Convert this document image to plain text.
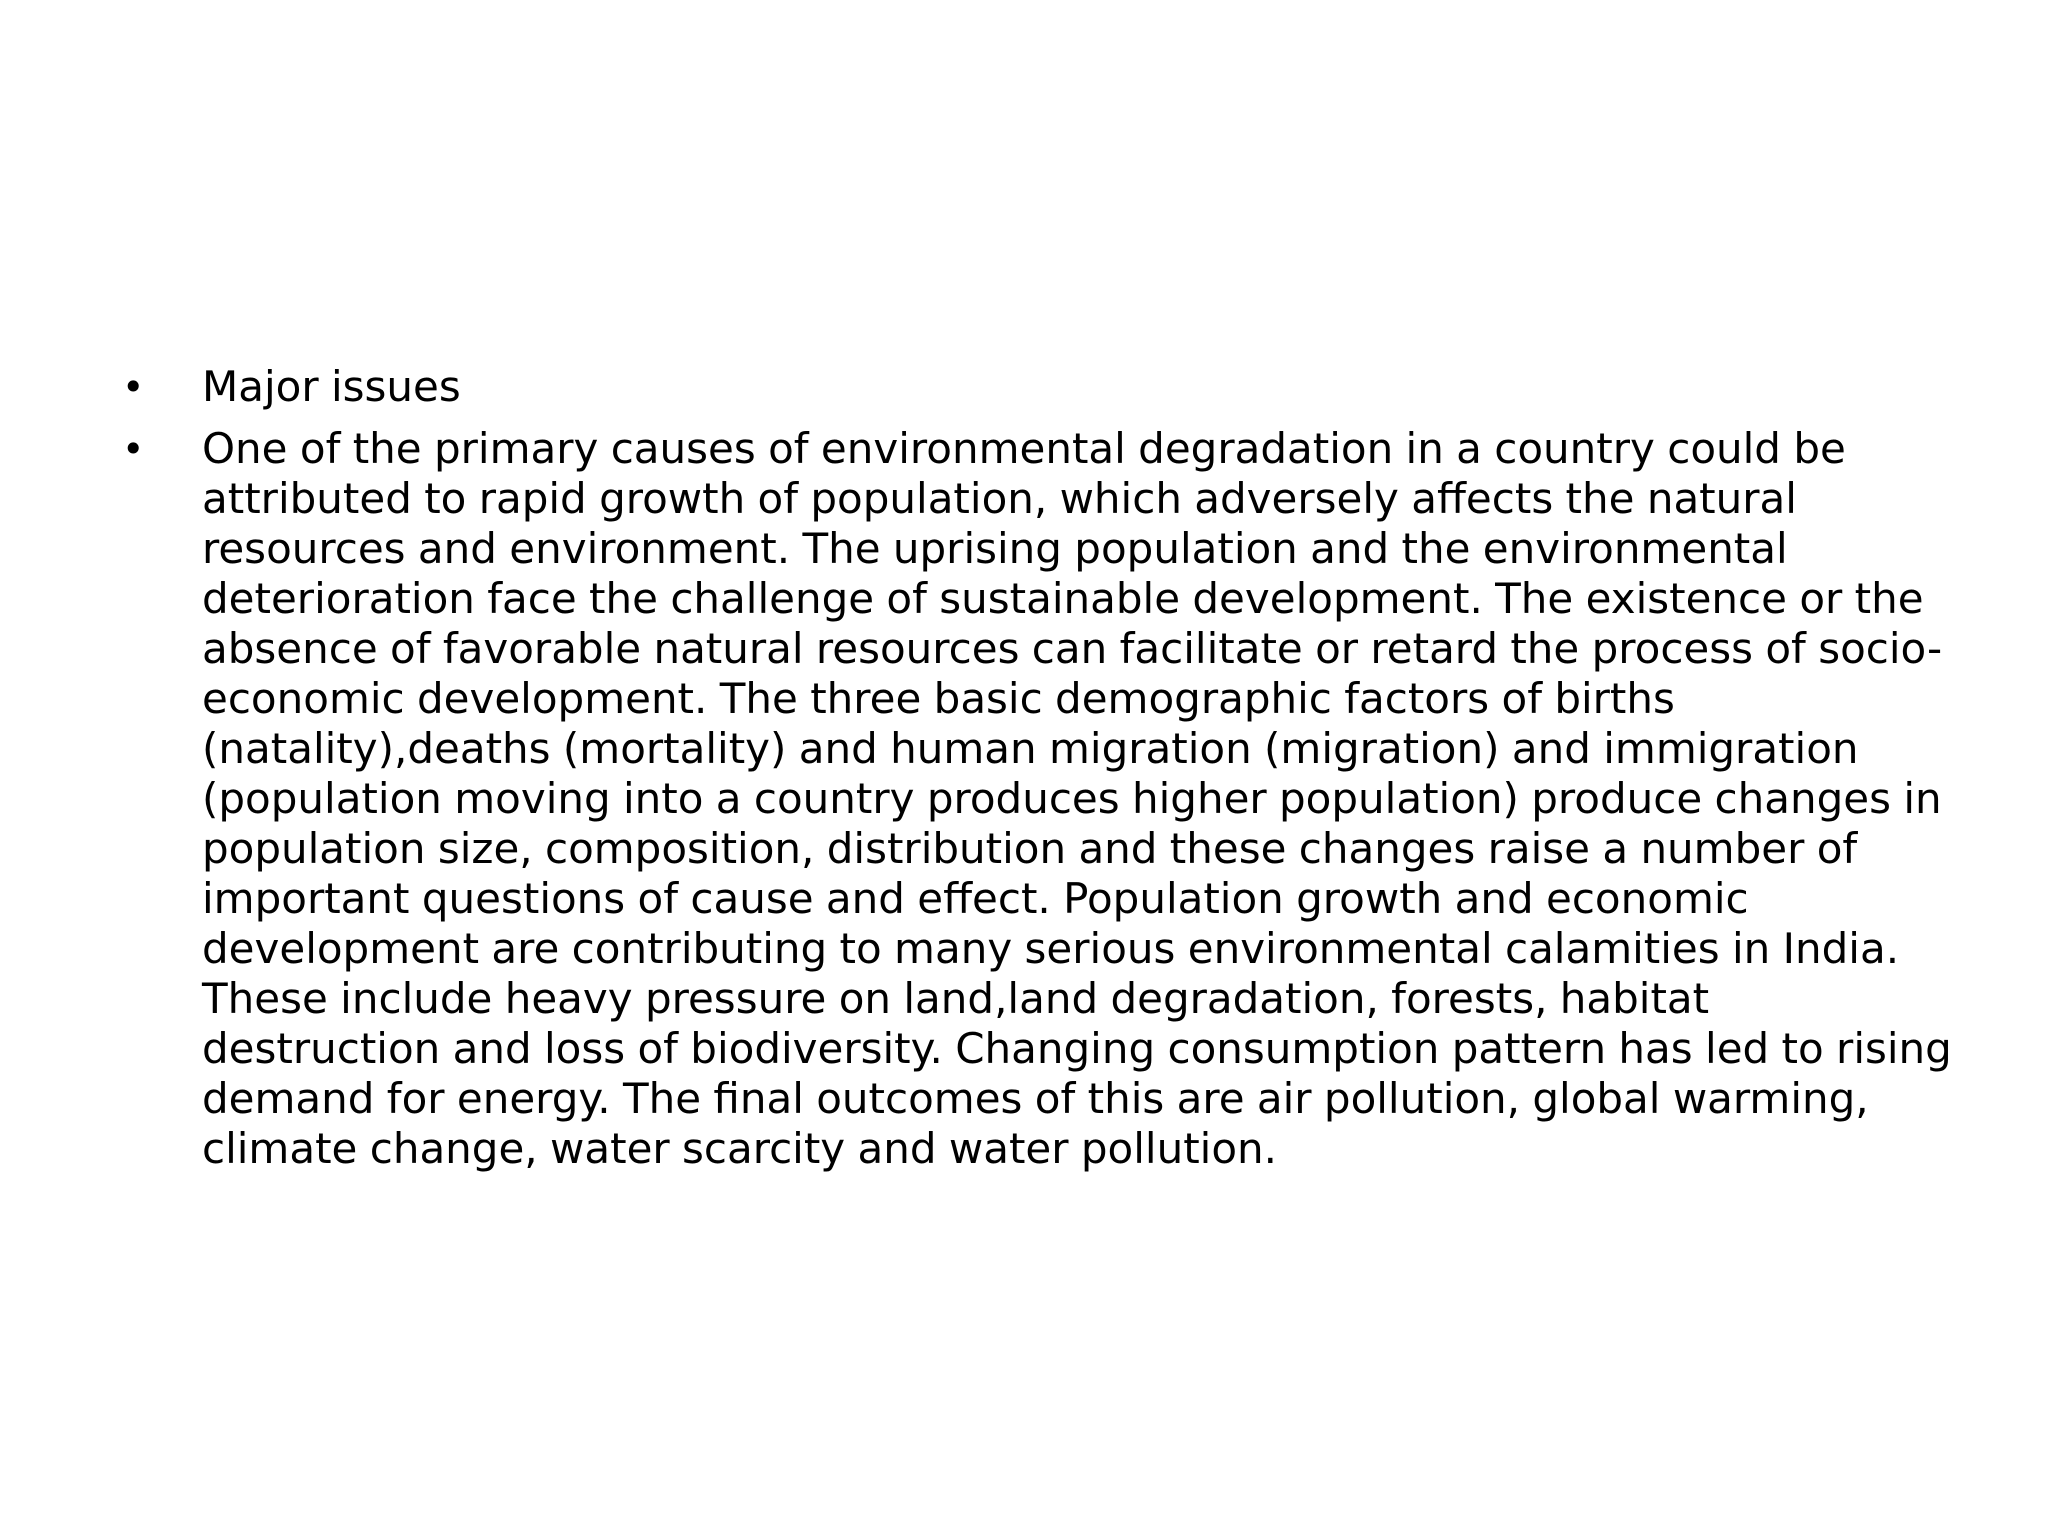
•	Major issues
•	One of the primary causes of environmental degradation in a country could be attributed to rapid growth of population, which adversely affects the natural resources and environment. The uprising population and the environmental deterioration face the challenge of sustainable development. The existence or the absence of favorable natural resources can facilitate or retard the process of socio-economic development. The three basic demographic factors of births (natality),deaths (mortality) and human migration (migration) and immigration (population moving into a country produces higher population) produce changes in population size, composition, distribution and these changes raise a number of important questions of cause and effect. Population growth and economic development are contributing to many serious environmental calamities in India. These include heavy pressure on land,land degradation, forests, habitat destruction and loss of biodiversity. Changing consumption pattern has led to rising demand for energy. The final outcomes of this are air pollution, global warming, climate change, water scarcity and water pollution.
